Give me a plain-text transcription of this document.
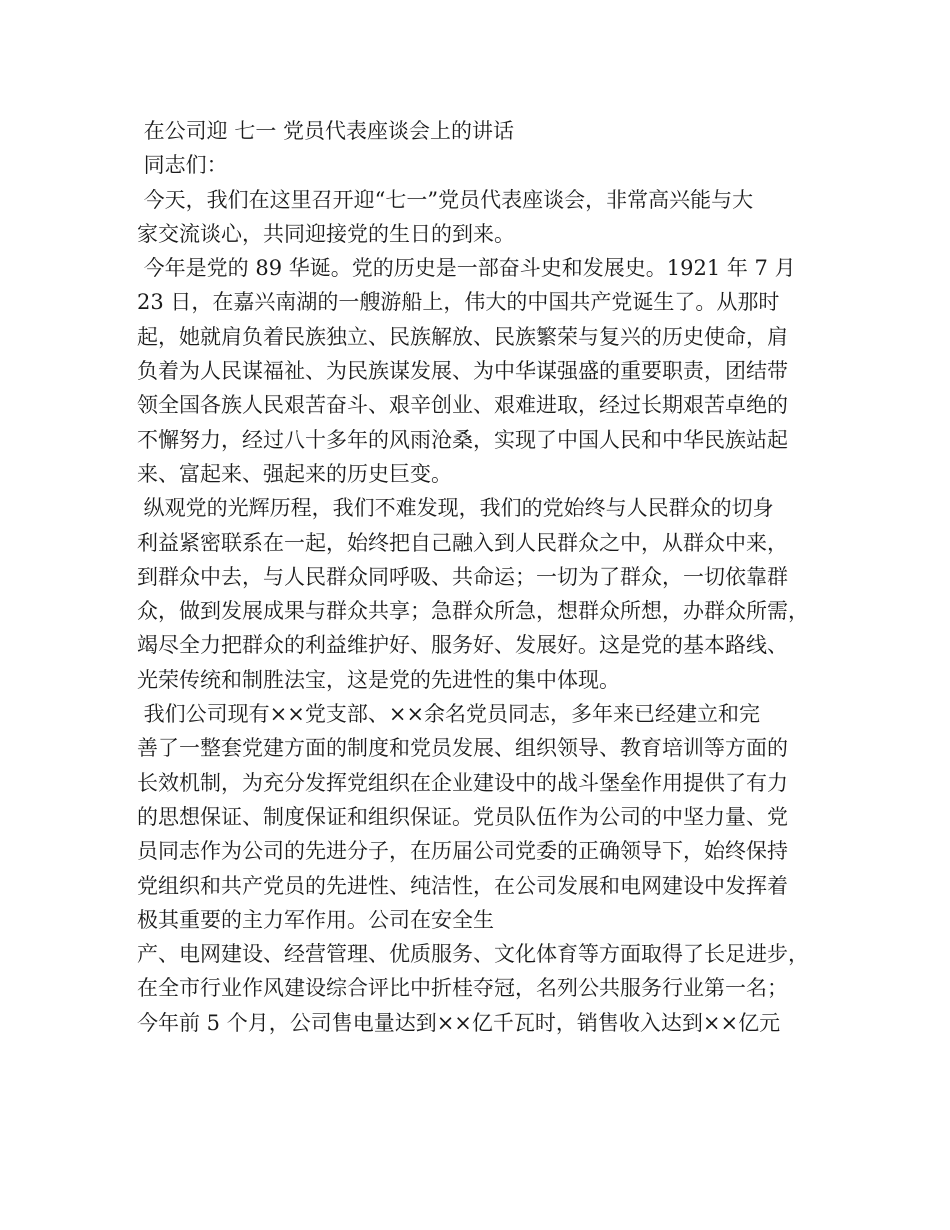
在公司迎 七一 党员代表座谈会上的讲话
同志们：
今天，我们在这里召开迎“七一”党员代表座谈会，非常高兴能与大
家交流谈心，共同迎接党的生日的到来。
今年是党的 89 华诞。党的历史是一部奋斗史和发展史。1921 年 7 月
23 日，在嘉兴南湖的一艘游船上，伟大的中国共产党诞生了。从那时
起，她就肩负着民族独立、民族解放、民族繁荣与复兴的历史使命，肩
负着为人民谋福祉、为民族谋发展、为中华谋强盛的重要职责，团结带
领全国各族人民艰苦奋斗、艰辛创业、艰难进取，经过长期艰苦卓绝的
不懈努力，经过八十多年的风雨沧桑，实现了中国人民和中华民族站起
来、富起来、强起来的历史巨变。
纵观党的光辉历程，我们不难发现，我们的党始终与人民群众的切身
利益紧密联系在一起，始终把自己融入到人民群众之中，从群众中来，
到群众中去，与人民群众同呼吸、共命运；一切为了群众，一切依靠群
众，做到发展成果与群众共享；急群众所急，想群众所想，办群众所需，
竭尽全力把群众的利益维护好、服务好、发展好。这是党的基本路线、
光荣传统和制胜法宝，这是党的先进性的集中体现。
我们公司现有××党支部、××余名党员同志，多年来已经建立和完
善了一整套党建方面的制度和党员发展、组织领导、教育培训等方面的
长效机制，为充分发挥党组织在企业建设中的战斗堡垒作用提供了有力
的思想保证、制度保证和组织保证。党员队伍作为公司的中坚力量、党
员同志作为公司的先进分子，在历届公司党委的正确领导下，始终保持
党组织和共产党员的先进性、纯洁性，在公司发展和电网建设中发挥着
极其重要的主力军作用。公司在安全生
产、电网建设、经营管理、优质服务、文化体育等方面取得了长足进步，
在全市行业作风建设综合评比中折桂夺冠，名列公共服务行业第一名；
今年前 5 个月，公司售电量达到××亿千瓦时，销售收入达到××亿元
